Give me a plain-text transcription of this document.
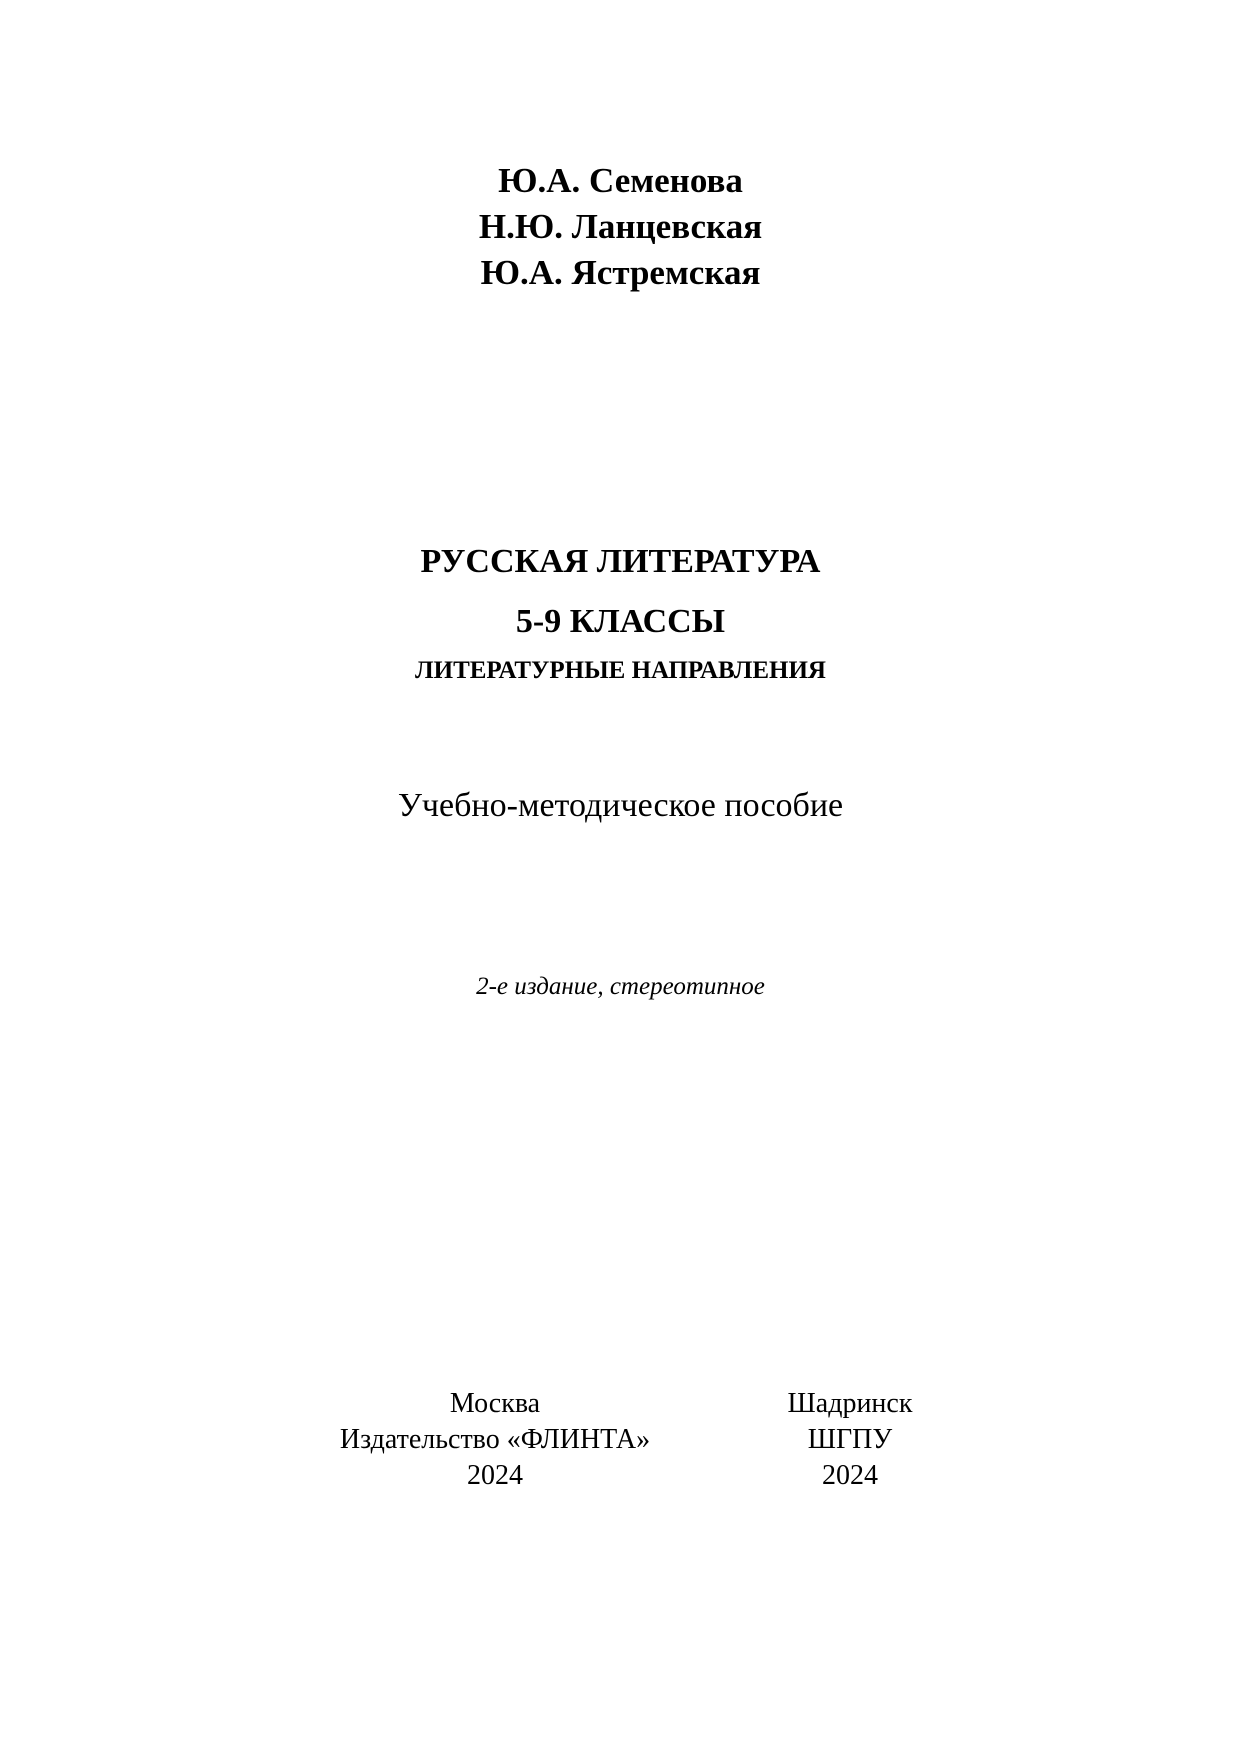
Ю.А. Семенова
Н.Ю. Ланцевская
Ю.А. Ястремская
РУССКАЯ ЛИТЕРАТУРА
5-9 КЛАССЫ
ЛИТЕРАТУРНЫЕ НАПРАВЛЕНИЯ
Учебно-методическое пособие
2-е издание, стереотипное
Москва
Издательство «ФЛИНТА»
2024
Шадринск
ШГПУ
2024
